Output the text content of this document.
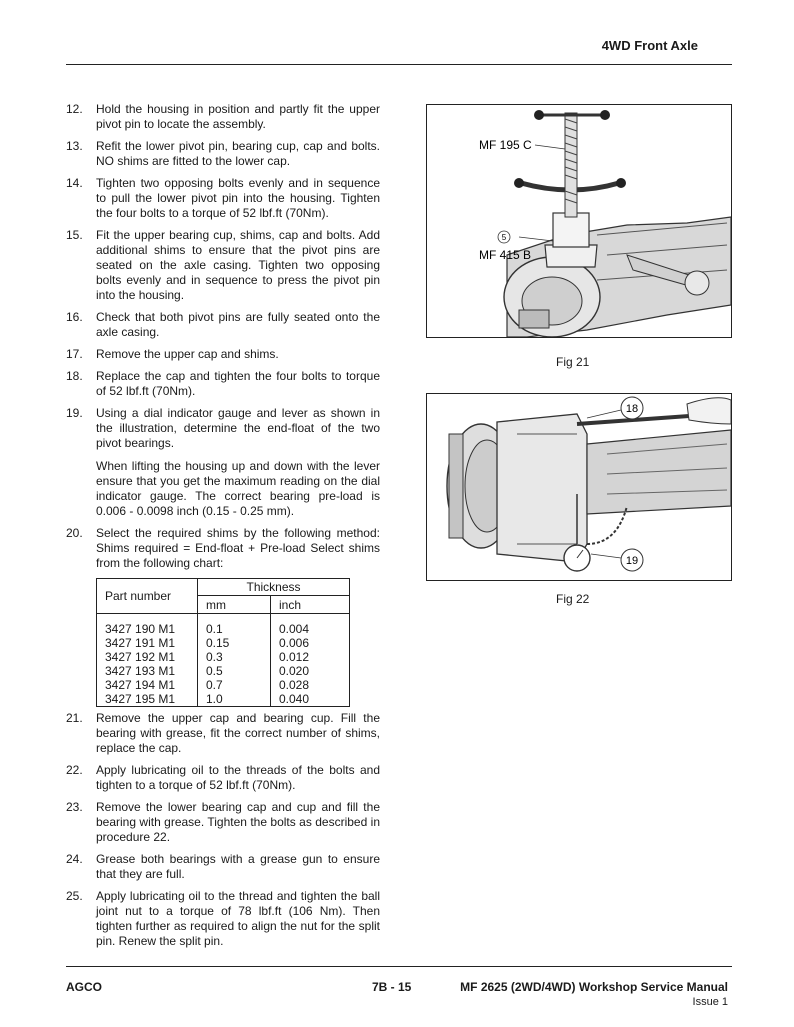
4WD Front Axle
12.	Hold the housing in position and partly fit the upper pivot pin to locate the assembly.

13.	Refit the lower pivot pin, bearing cup, cap and bolts. NO shims are fitted to the lower cap.

14.	Tighten two opposing bolts evenly and in sequence to pull the lower pivot pin into the housing. Tighten the four bolts to a torque of 52 lbf.ft (70Nm).

15.	Fit the upper bearing cup, shims, cap and bolts. Add additional shims to ensure that the pivot pins are seated on the axle casing. Tighten two opposing bolts evenly and in sequence to press the pivot pin into the housing.

16.	Check that both pivot pins are fully seated onto the axle casing.

17.	Remove the upper cap and shims.

18.	Replace the cap and tighten the four bolts to torque of 52 lbf.ft (70Nm).

19.	Using a dial indicator gauge and lever as shown in the illustration, determine the end-float of the two pivot bearings.

When lifting the housing up and down with the lever ensure that you get the maximum reading on the dial indicator gauge. The correct bearing pre-load is 0.006 - 0.0098 inch (0.15 - 0.25 mm).

20.	Select the required shims by the following method: Shims required = End-float + Pre-load Select shims from the following chart:

Part number	Thickness	
	mm	inch
3427 190 M1	0.1	0.004
3427 191 M1	0.15	0.006
3427 192 M1	0.3	0.012
3427 193 M1	0.5	0.020
3427 194 M1	0.7	0.028
3427 195 M1	1.0	0.040
21.	Remove the upper cap and bearing cup. Fill the bearing with grease, fit the correct number of shims, replace the cap.

22.	Apply lubricating oil to the threads of the bolts and tighten to a torque of 52 lbf.ft (70Nm).

23.	Remove the lower bearing cap and cup and fill the bearing with grease. Tighten the bolts as described in procedure 22.

24.	Grease both bearings with a grease gun to ensure that they are full.

25.	Apply lubricating oil to the thread and tighten the ball joint nut to a torque of 78 lbf.ft (106 Nm). Then tighten further as required to align the nut for the split pin. Renew the split pin.

5
MF 195 C
MF 415 B
Fig 21
18
19
Fig 22
AGCO	7B - 15	MF 2625 (2WD/4WD) Workshop Service Manual
Issue 1
